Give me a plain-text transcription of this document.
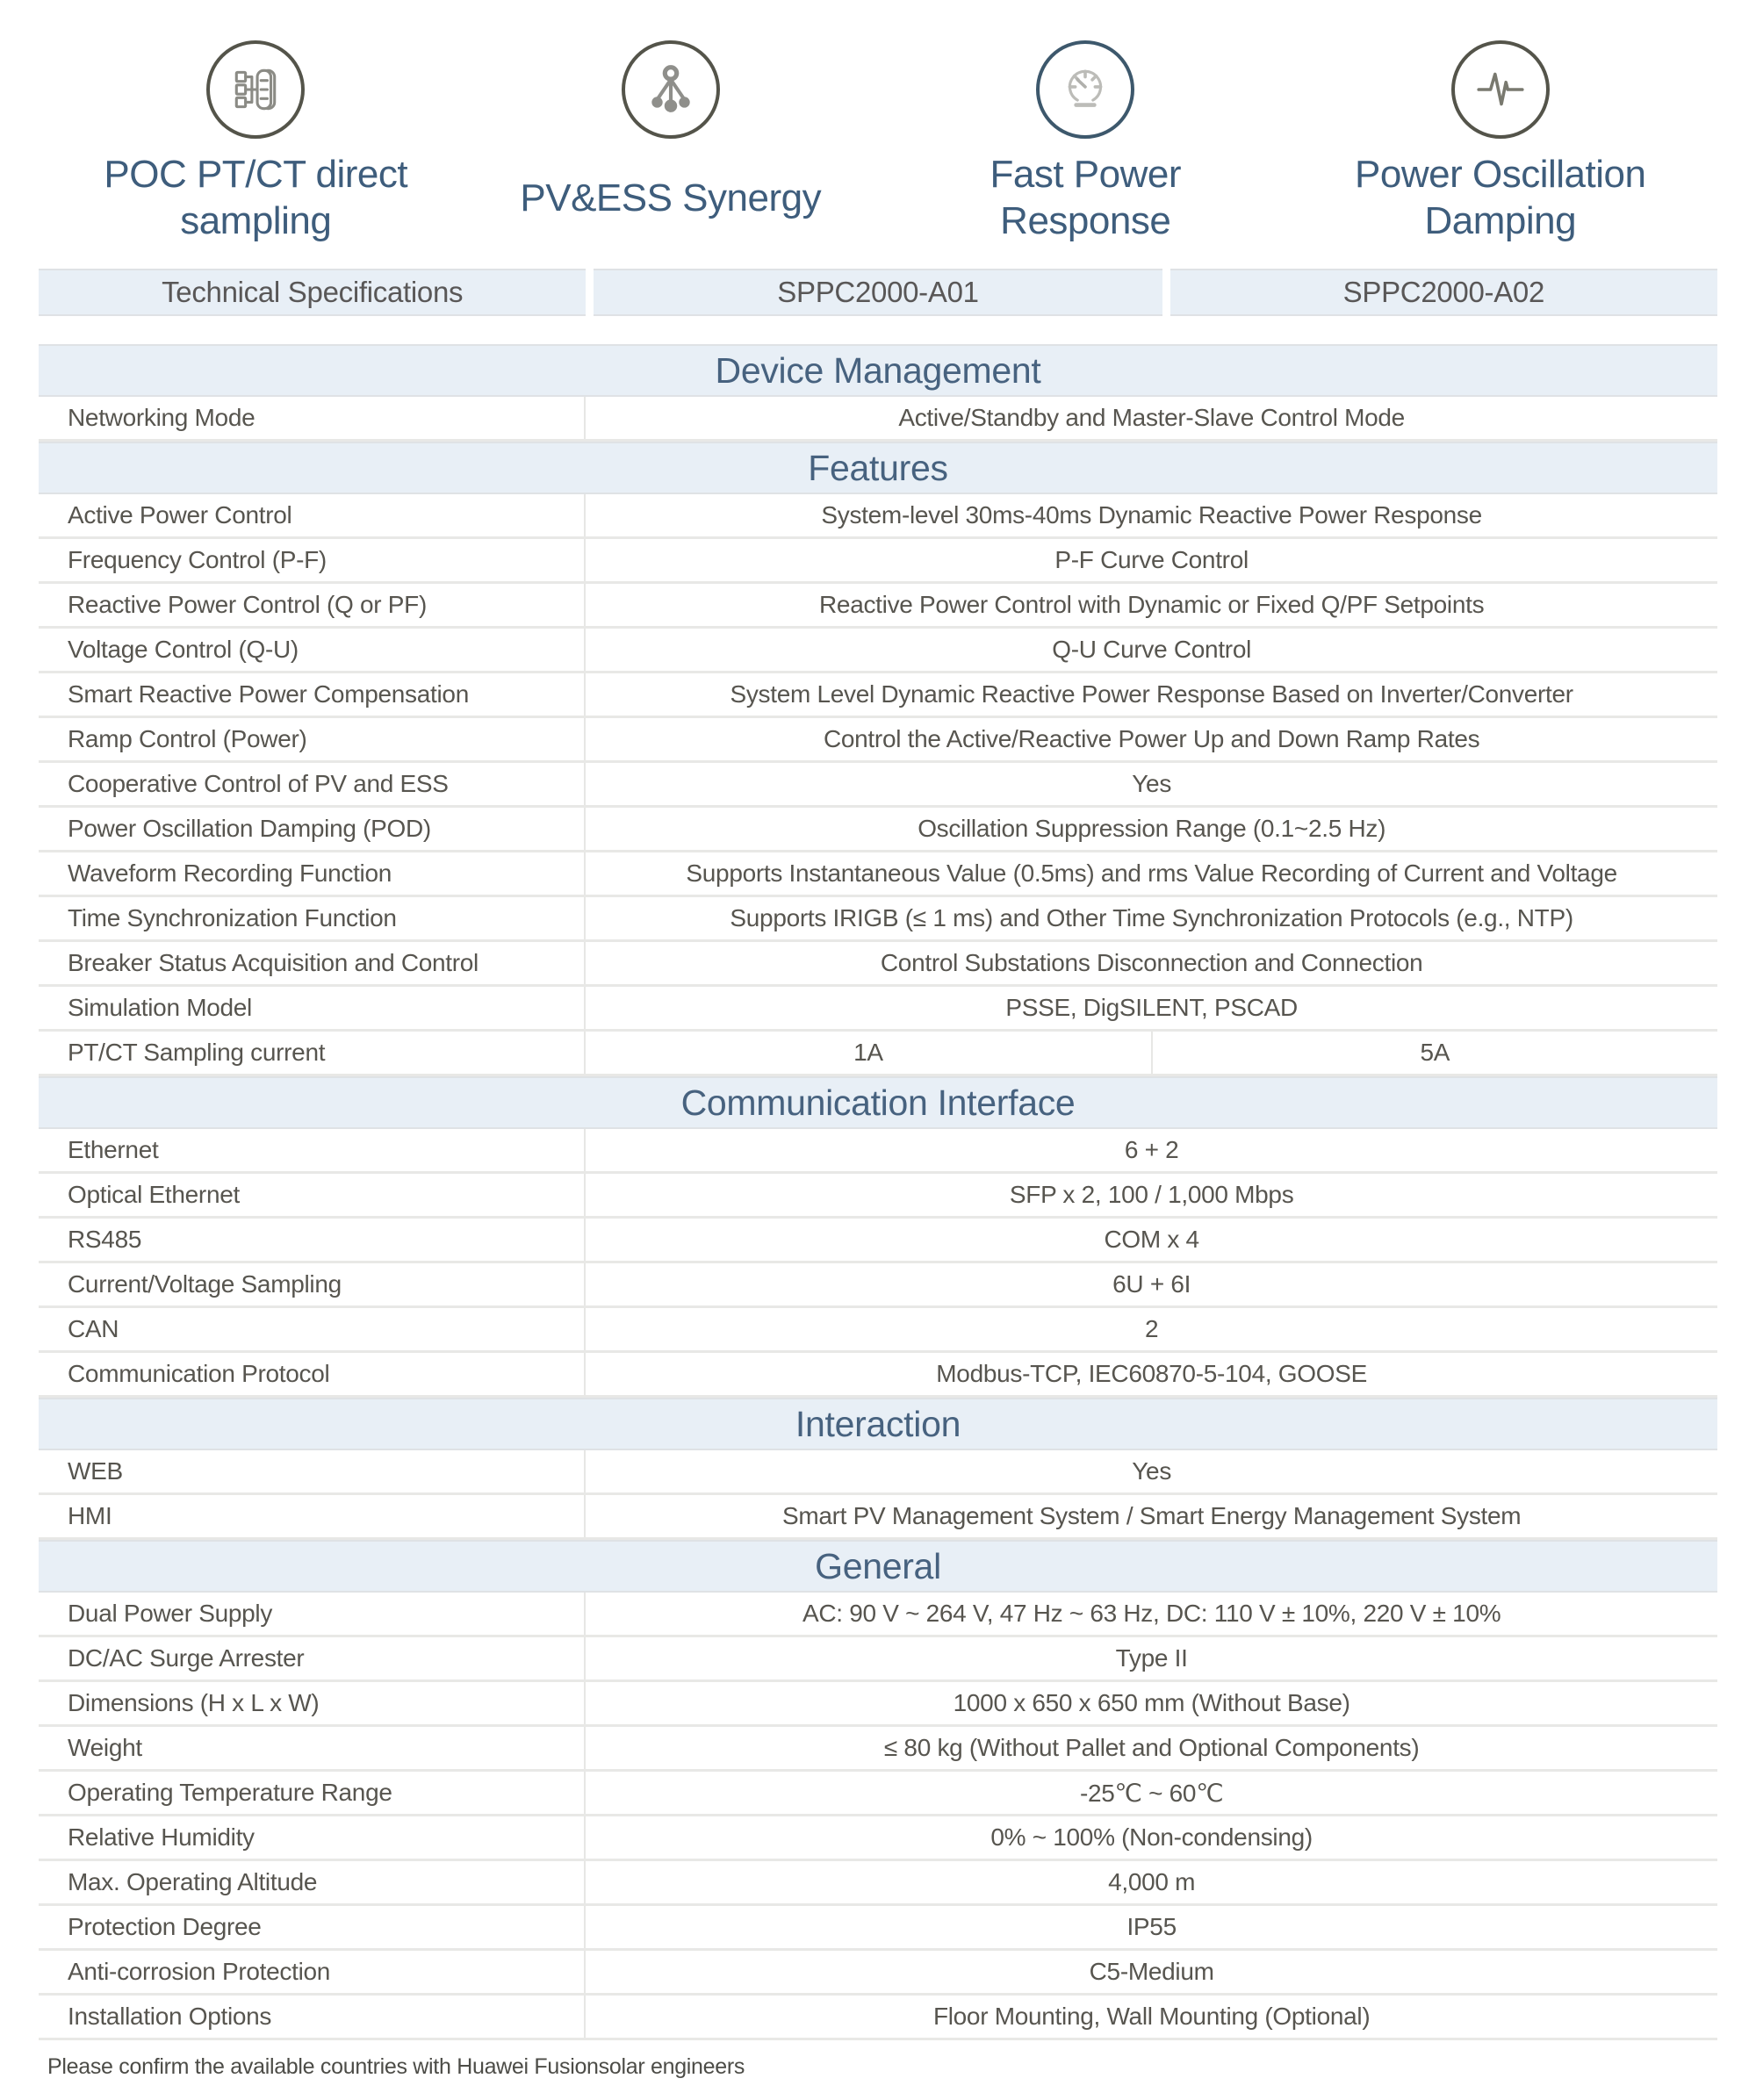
POC PT/CT direct sampling
PV&ESS Synergy
Fast Power Response
Power Oscillation Damping
Technical Specifications	SPPC2000-A01	SPPC2000-A02
Device Management
Networking Mode	Active/Standby and Master-Slave Control Mode
Features
Active Power Control	System-level 30ms-40ms Dynamic Reactive Power Response
Frequency Control (P-F)	P-F Curve Control
Reactive Power Control (Q or PF)	Reactive Power Control with Dynamic or Fixed Q/PF Setpoints
Voltage Control (Q-U)	Q-U Curve Control
Smart Reactive Power Compensation	System Level Dynamic Reactive Power Response Based on Inverter/Converter
Ramp Control (Power)	Control the Active/Reactive Power Up and Down Ramp Rates
Cooperative Control of PV and ESS	Yes
Power Oscillation Damping (POD)	Oscillation Suppression Range (0.1~2.5 Hz)
Waveform Recording Function	Supports Instantaneous Value (0.5ms) and rms Value Recording of Current and Voltage
Time Synchronization Function	Supports IRIGB (≤ 1 ms) and Other Time Synchronization Protocols (e.g., NTP)
Breaker Status Acquisition and Control	Control Substations Disconnection and Connection
Simulation Model	PSSE, DigSILENT, PSCAD
PT/CT Sampling current	1A	5A
Communication Interface
Ethernet	6 + 2
Optical Ethernet	SFP x 2, 100 / 1,000 Mbps
RS485	COM x 4
Current/Voltage Sampling	6U + 6I
CAN	2
Communication Protocol	Modbus-TCP, IEC60870-5-104, GOOSE
Interaction
WEB	Yes
HMI	Smart PV Management System / Smart Energy Management System
General
Dual Power Supply	AC: 90 V ~ 264 V, 47 Hz ~ 63 Hz, DC: 110 V ± 10%, 220 V ± 10%
DC/AC Surge Arrester	Type II
Dimensions (H x L x W)	1000 x 650 x 650 mm (Without Base)
Weight	≤ 80 kg (Without Pallet and Optional Components)
Operating Temperature Range	-25℃ ~ 60℃
Relative Humidity	0% ~ 100% (Non-condensing)
Max. Operating Altitude	4,000 m
Protection Degree	IP55
Anti-corrosion Protection	C5-Medium
Installation Options	Floor Mounting, Wall Mounting (Optional)
Please confirm the available countries with Huawei Fusionsolar engineers
